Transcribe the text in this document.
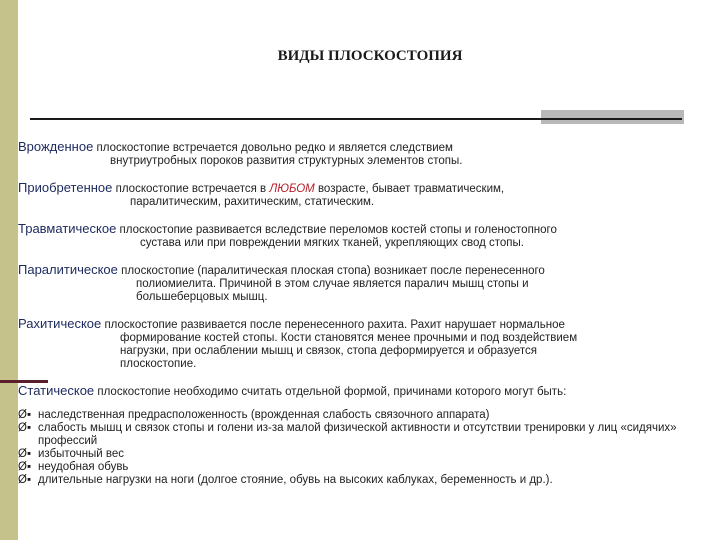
ВИДЫ ПЛОСКОСТОПИЯ

Врожденное плоскостопие встречается довольно редко и является следствием
внутриутробных пороков развития структурных элементов стопы.

Приобретенное плоскостопие встречается в ЛЮБОМ возрасте, бывает травматическим,
паралитическим, рахитическим, статическим.

Травматическое плоскостопие развивается вследствие переломов костей стопы и голеностопного
сустава или при повреждении мягких тканей, укрепляющих свод стопы.

Паралитическое плоскостопие (паралитическая плоская стопа) возникает после перенесенного
полиомиелита. Причиной в этом случае является паралич мышц стопы и
большеберцовых мышц.

Рахитическое плоскостопие развивается после перенесенного рахита. Рахит нарушает нормальное
формирование костей стопы. Кости становятся менее прочными и под воздействием
нагрузки, при ослаблении мышц и связок, стопа деформируется и образуется
плоскостопие.

Статическое плоскостопие необходимо считать отдельной формой, причинами которого могут быть:

Ø▪ наследственная предрасположенность (врожденная слабость связочного аппарата)
Ø▪ слабость мышц и связок стопы и голени из-за малой физической активности и отсутствии тренировки у лиц «сидячих» профессий
Ø▪ избыточный вес
Ø▪ неудобная обувь
Ø▪ длительные нагрузки на ноги (долгое стояние, обувь на высоких каблуках, беременность и др.).
